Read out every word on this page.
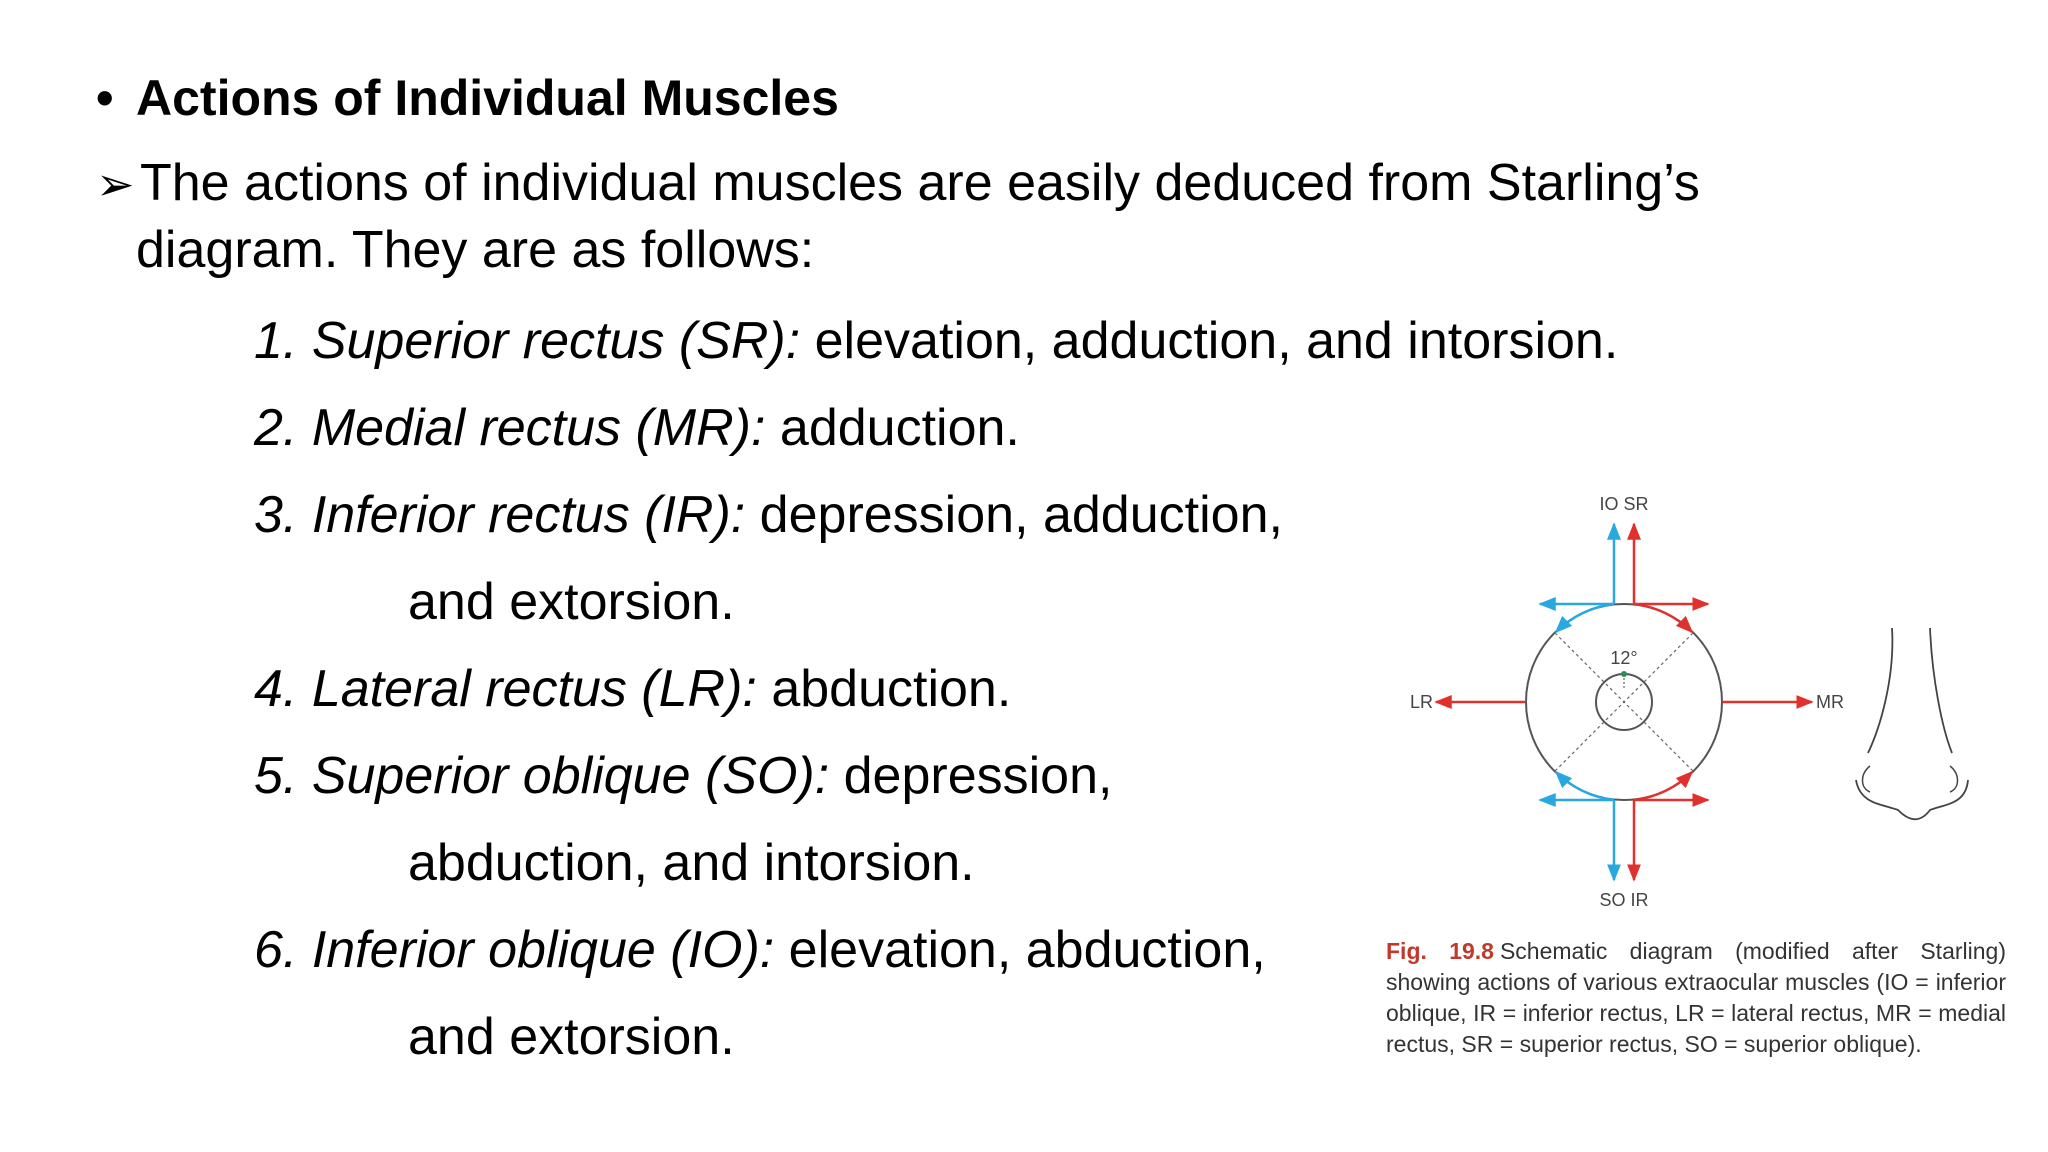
• Actions of Individual Muscles
➢ The actions of individual muscles are easily deduced from Starling’s
diagram. They are as follows:
1. Superior rectus (SR): elevation, adduction, and intorsion.
2. Medial rectus (MR): adduction.
3. Inferior rectus (IR): depression, adduction,
and extorsion.
4. Lateral rectus (LR): abduction.
5. Superior oblique (SO): depression,
abduction, and intorsion.
6. Inferior oblique (IO): elevation, abduction,
and extorsion.
IO SR
SO IR
LR	MR
12°
Fig. 19.8 Schematic diagram (modified after Starling) showing actions of various extraocular muscles (IO = inferior oblique, IR = inferior rectus, LR = lateral rectus, MR = medial rectus, SR = superior rectus, SO = superior oblique).
